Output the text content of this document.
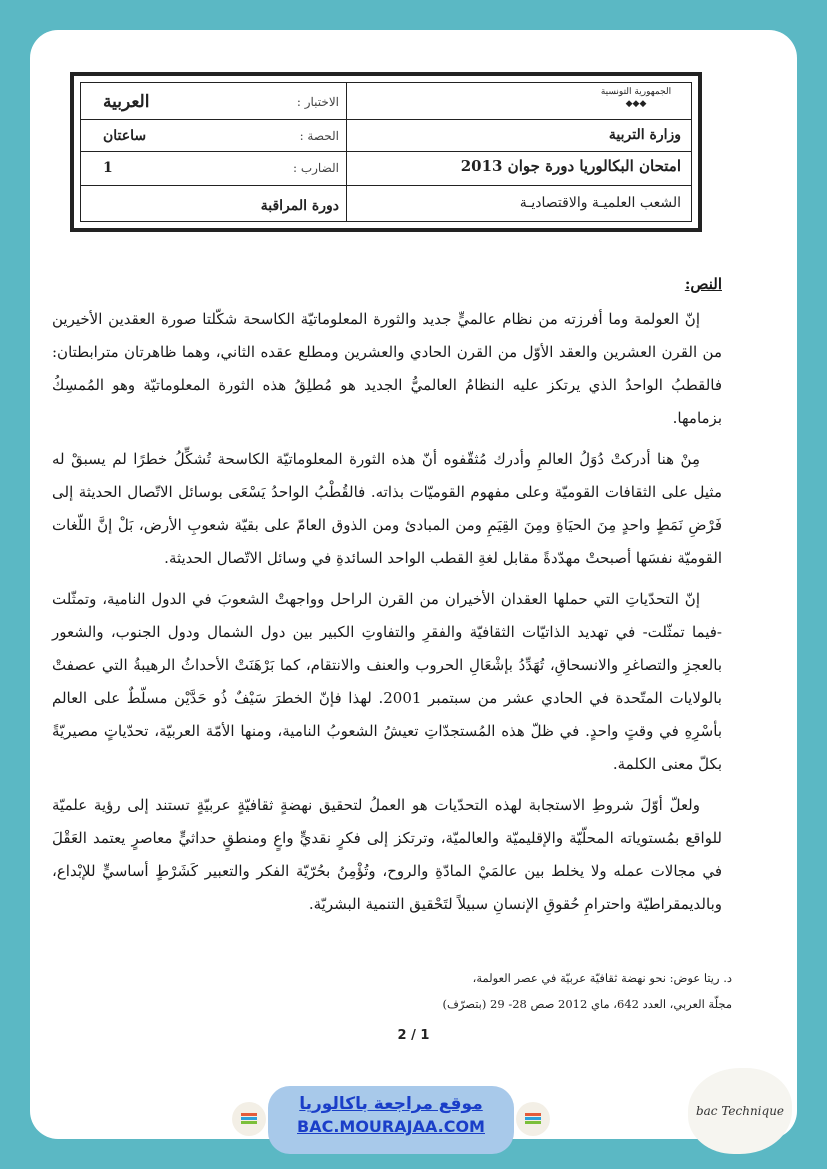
الجمهورية التونسية
◆◆◆
وزارة التربية
امتحان البكالوريا دورة جوان 2013
الشعب العلميـة والاقتصاديـة
الاختبار :
العربية
الحصة :
ساعتان
الضارب :
1
دورة المراقبة
النص:

إنّ العولمة وما أفرزته من نظام عالميٍّ جديد والثورة المعلوماتيّة الكاسحة شكّلتا صورة العقدين الأخيرين من القرن العشرين والعقد الأوّل من القرن الحادي والعشرين ومطلع عقده الثاني، وهما ظاهرتان مترابطتان: فالقطبُ الواحدُ الذي يرتكز عليه النظامُ العالميُّ الجديد هو مُطلِقُ هذه الثورة المعلوماتيّة وهو المُمسِكُ بزمامها.

مِنْ هنا أدركتْ دُوَلُ العالمِ وأدرك مُثقّفوه أنّ هذه الثورة المعلوماتيّة الكاسحة تُشكِّلُ خطرًا لم يسبقْ له مثيل على الثقافات القوميّة وعلى مفهوم القوميّات بذاته. فالقُطْبُ الواحدُ يَسْعَى بوسائل الاتّصال الحديثة إلى فَرْضِ نَمَطٍ واحدٍ مِنَ الحيَاةِ ومِنَ القِيَمِ ومن المبادئ ومن الذوق العامّ على بقيّة شعوبِ الأرض، بَلْ إنَّ اللّغات القوميّة نفسَها أصبحتْ مهدّدةً مقابل لغةِ القطب الواحد السائدةِ في وسائل الاتّصال الحديثة.

إنّ التحدّياتِ التي حملها العقدان الأخيران من القرن الراحل وواجهتْ الشعوبَ في الدول النامية، وتمثّلت -فيما تمثّلت- في تهديد الذاتيّات الثقافيّة والفقرِ والتفاوتِ الكبير بين دول الشمال ودول الجنوب، والشعور بالعجزِ والتصاغرِ والانسحاقِ، تُهَدِّدُ بإشْعَالِ الحروب والعنف والانتقام، كما بَرْهَنَتْ الأحداثُ الرهيبةُ التي عصفتْ بالولايات المتّحدة في الحادي عشر من سبتمبر 2001. لهذا فإنّ الخطرَ سَيْفٌ ذُو حَدَّيْن مسلّطٌ على العالم بأسْرِهِ في وقتٍ واحدٍ. في ظلّ هذه المُستجدّاتِ تعيشُ الشعوبُ النامية، ومنها الأمّة العربيّة، تحدّياتٍ مصيريّةً بكلّ معنى الكلمة.

ولعلّ أوّلَ شروطِ الاستجابة لهذه التحدّيات هو العملُ لتحقيق نهضةٍ ثقافيّةٍ عربيّةٍ تستند إلى رؤية علميّة للواقع بمُستوياته المحلّيّة والإقليميّة والعالميّة، وترتكز إلى فكرٍ نقديٍّ واعٍ ومنطقٍ حداثيٍّ معاصرٍ يعتمد العَقْلَ في مجالات عمله ولا يخلط بين عالمَيْ المادّةِ والروح، وتُؤْمِنُ بحُرّيّة الفكر والتعبير كَشَرْطٍ أساسيٍّ للإبْداع، وبالديمقراطيّة واحترامِ حُقوقِ الإنسانِ سبيلاً لتَحْقيق التنمية البشريّة.

د. ريتا عوض: نحو نهضة ثقافيّة عربيّة في عصر العولمة،
مجلّة العربي، العدد 642، ماي 2012 صص 28- 29 (بتصرّف)
2 / 1
موقع مراجعة باكالوريا
BAC.MOURAJAA.COM
bac Technique
